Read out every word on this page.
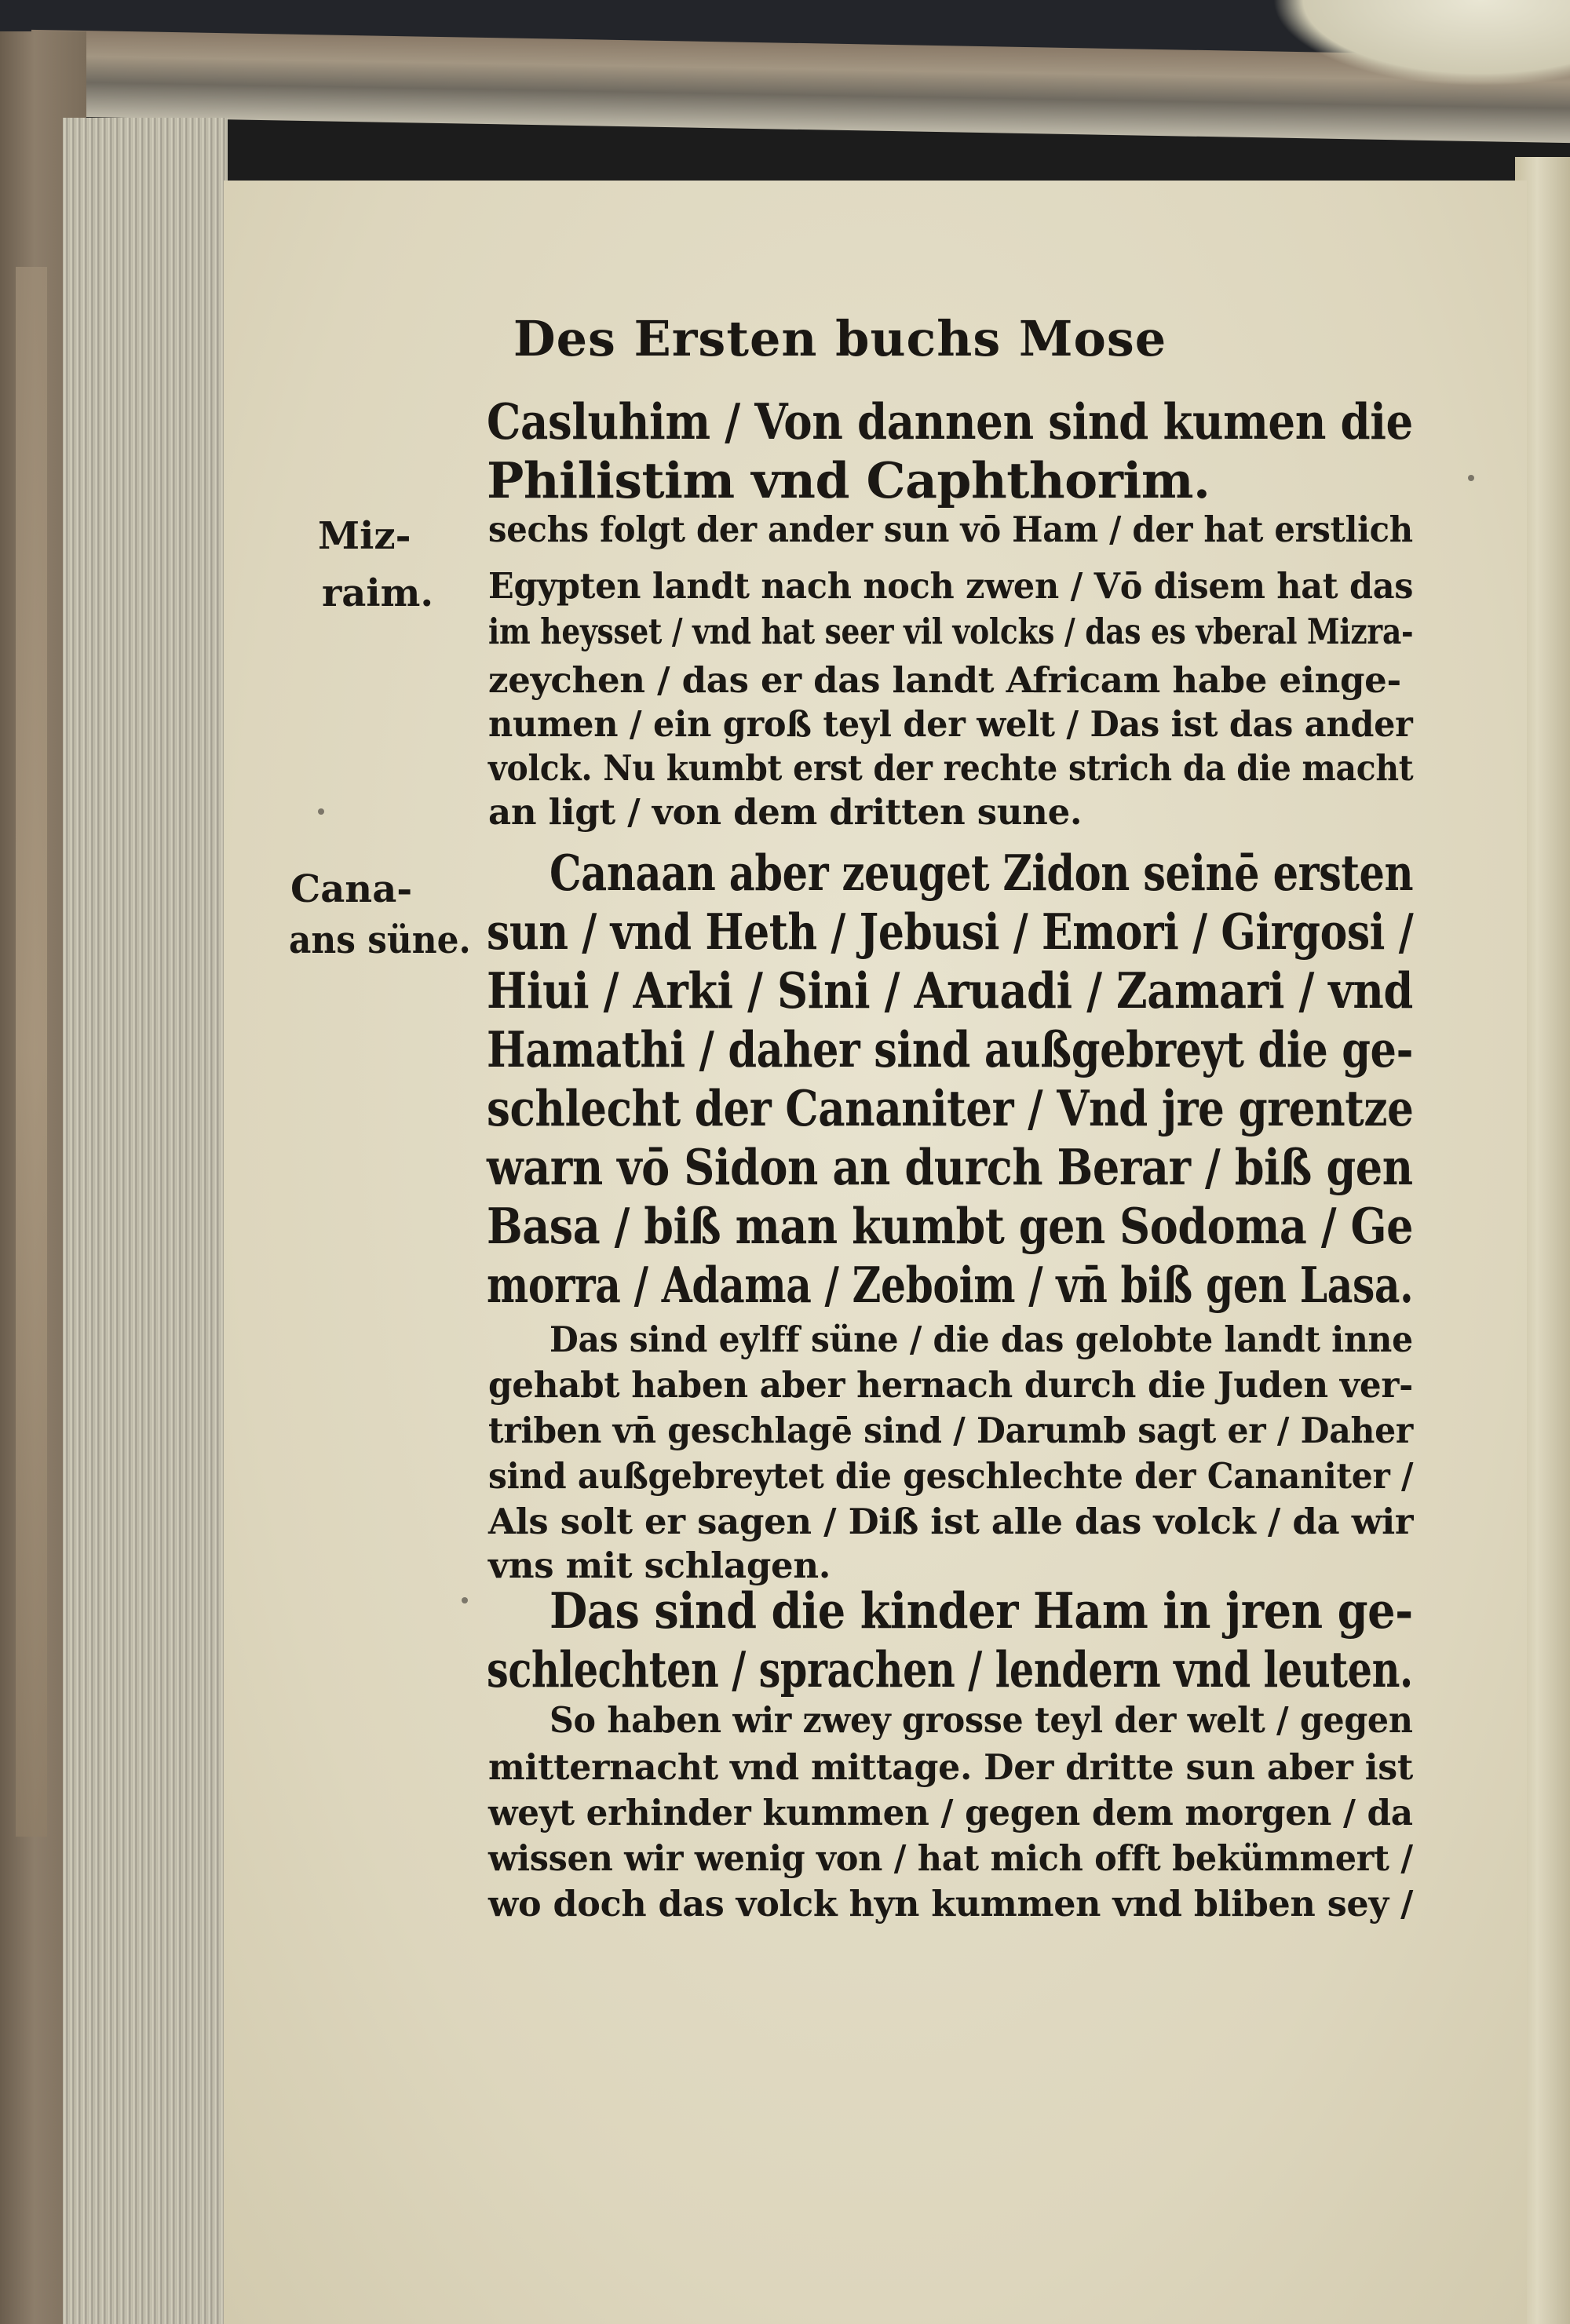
Des Ersten buchs Mose
Miz-
raim.
Cana-
ans süne.
Casluhim / Von dannen sind kumen die
Philistim vnd Caphthorim.
sechs folgt der ander sun vō Ham / der hat erstlich
Egypten landt nach noch zwen / Vō disem hat das
im heysset / vnd hat seer vil volcks / das es vberal Mizra-
zeychen / das er das landt Africam habe einge-
numen / ein groß teyl der welt / Das ist das ander
volck. Nu kumbt erst der rechte strich da die macht
an ligt / von dem dritten sune.
Canaan aber zeuget Zidon seinē ersten
sun / vnd Heth / Jebusi / Emori / Girgosi /
Hiui / Arki / Sini / Aruadi / Zamari / vnd
Hamathi / daher sind außgebreyt die ge-
schlecht der Cananiter / Vnd jre grentze
warn vō Sidon an durch Berar / biß gen
Basa / biß man kumbt gen Sodoma / Ge
morra / Adama / Zeboim / vn̄ biß gen Lasa.
Das sind eylff süne / die das gelobte landt inne
gehabt haben aber hernach durch die Juden ver-
triben vn̄ geschlagē sind / Darumb sagt er / Daher
sind außgebreytet die geschlechte der Cananiter /
Als solt er sagen / Diß ist alle das volck / da wir
vns mit schlagen.
Das sind die kinder Ham in jren ge-
schlechten / sprachen / lendern vnd leuten.
So haben wir zwey grosse teyl der welt / gegen
mitternacht vnd mittage. Der dritte sun aber ist
weyt erhinder kummen / gegen dem morgen / da
wissen wir wenig von / hat mich offt bekümmert /
wo doch das volck hyn kummen vnd bliben sey /
